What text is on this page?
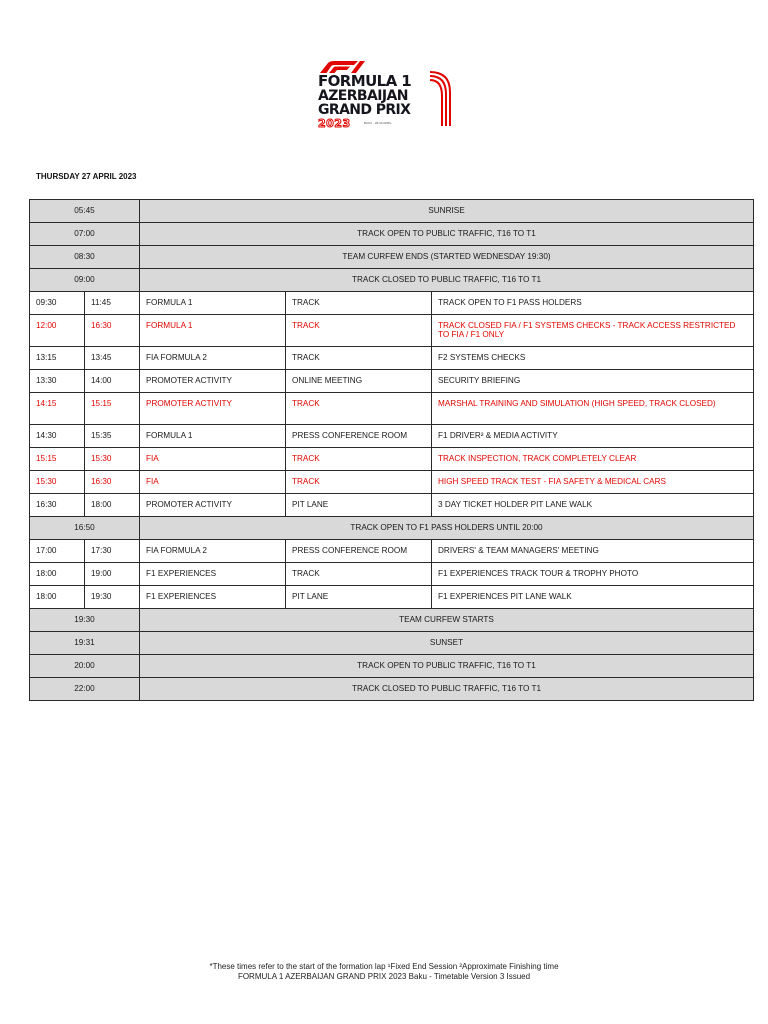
FORMULA 1
AZERBAIJAN
GRAND PRIX
2023	BAKU · 28-30 APRIL
THURSDAY 27 APRIL 2023
05:45		SUNRISE		
07:00		TRACK OPEN TO PUBLIC TRAFFIC, T16 TO T1		
08:30		TEAM CURFEW ENDS (STARTED WEDNESDAY 19:30)		
09:00		TRACK CLOSED TO PUBLIC TRAFFIC, T16 TO T1		
09:30	11:45	FORMULA 1	TRACK	TRACK OPEN TO F1 PASS HOLDERS
12:00	16:30	FORMULA 1	TRACK	TRACK CLOSED FIA / F1 SYSTEMS CHECKS - TRACK ACCESS RESTRICTED TO FIA / F1 ONLY
13:15	13:45	FIA FORMULA 2	TRACK	F2 SYSTEMS CHECKS
13:30	14:00	PROMOTER ACTIVITY	ONLINE MEETING	SECURITY BRIEFING
14:15	15:15	PROMOTER ACTIVITY	TRACK	MARSHAL TRAINING AND SIMULATION (HIGH SPEED, TRACK CLOSED)
14:30	15:35	FORMULA 1	PRESS CONFERENCE ROOM	F1 DRIVER² & MEDIA ACTIVITY
15:15	15:30	FIA	TRACK	TRACK INSPECTION, TRACK COMPLETELY CLEAR
15:30	16:30	FIA	TRACK	HIGH SPEED TRACK TEST - FIA SAFETY & MEDICAL CARS
16:30	18:00	PROMOTER ACTIVITY	PIT LANE	3 DAY TICKET HOLDER PIT LANE WALK
16:50		TRACK OPEN TO F1 PASS HOLDERS UNTIL 20:00		
17:00	17:30	FIA FORMULA 2	PRESS CONFERENCE ROOM	DRIVERS' & TEAM MANAGERS' MEETING
18:00	19:00	F1 EXPERIENCES	TRACK	F1 EXPERIENCES TRACK TOUR & TROPHY PHOTO
18:00	19:30	F1 EXPERIENCES	PIT LANE	F1 EXPERIENCES PIT LANE WALK
19:30		TEAM CURFEW STARTS		
19:31		SUNSET		
20:00		TRACK OPEN TO PUBLIC TRAFFIC, T16 TO T1		
22:00		TRACK CLOSED TO PUBLIC TRAFFIC, T16 TO T1		
*These times refer to the start of the formation lap ¹Fixed End Session ²Approximate Finishing time
FORMULA 1 AZERBAIJAN GRAND PRIX 2023 Baku - Timetable Version 3 Issued
